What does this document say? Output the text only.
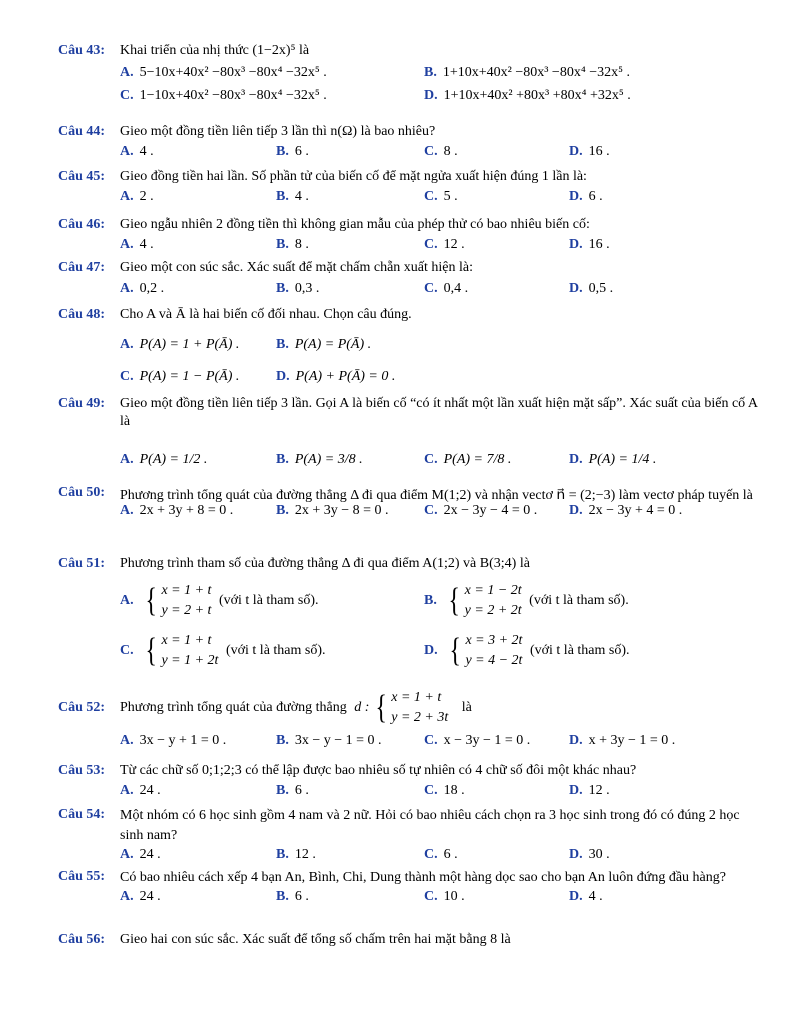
Câu 43:	Khai triển của nhị thức (1−2x)⁵ là
A. 5−10x+40x² −80x³ −80x⁴ −32x⁵ .	B. 1+10x+40x² −80x³ −80x⁴ −32x⁵ .
C. 1−10x+40x² −80x³ −80x⁴ −32x⁵ .	D. 1+10x+40x² +80x³ +80x⁴ +32x⁵ .
Câu 44:	Gieo một đồng tiền liên tiếp 3 lần thì n(Ω) là bao nhiêu?
A. 4 .	B. 6 .	C. 8 .	D. 16 .
Câu 45:	Gieo đồng tiền hai lần. Số phần tử của biến cố để mặt ngửa xuất hiện đúng 1 lần là:
A. 2 .	B. 4 .	C. 5 .	D. 6 .
Câu 46:	Gieo ngẫu nhiên 2 đồng tiền thì không gian mẫu của phép thử có bao nhiêu biến cố:
A. 4 .	B. 8 .	C. 12 .	D. 16 .
Câu 47:	Gieo một con súc sắc. Xác suất để mặt chấm chẵn xuất hiện là:
A. 0,2 .	B. 0,3 .	C. 0,4 .	D. 0,5 .
Câu 48:	Cho A và Ā là hai biến cố đối nhau. Chọn câu đúng.
A. P(A) = 1 + P(Ā) .	B. P(A) = P(Ā) .
C. P(A) = 1 − P(Ā) .	D. P(A) + P(Ā) = 0 .
Câu 49:	Gieo một đồng tiền liên tiếp 3 lần. Gọi A là biến cố “có ít nhất một lần xuất hiện mặt sấp”. Xác suất của biến cố A là
A. P(A) = 1/2 .	B. P(A) = 3/8 .	C. P(A) = 7/8 .	D. P(A) = 1/4 .
Câu 50:	Phương trình tổng quát của đường thẳng Δ đi qua điểm M(1;2) và nhận vectơ n⃗ = (2;−3) làm vectơ pháp tuyến là
A. 2x + 3y + 8 = 0 .	B. 2x + 3y − 8 = 0 .	C. 2x − 3y − 4 = 0 . D. 2x − 3y + 4 = 0 .
Câu 51:	Phương trình tham số của đường thẳng Δ đi qua điểm A(1;2) và B(3;4) là
A. { x = 1 + t
y = 2 + t
(với t là tham số).	B. { x = 1 − 2t
y = 2 + 2t
(với t là tham số).
C. { x = 1 + t
y = 1 + 2t
(với t là tham số).	D. { x = 3 + 2t
y = 4 − 2t
(với t là tham số).
Câu 52:	Phương trình tổng quát của đường thẳng d : { x = 1 + t
y = 2 + 3t
là
A. 3x − y + 1 = 0 .	B. 3x − y − 1 = 0 .	C. x − 3y − 1 = 0 .	D. x + 3y − 1 = 0 .
Câu 53:	Từ các chữ số 0;1;2;3 có thể lập được bao nhiêu số tự nhiên có 4 chữ số đôi một khác nhau?
A. 24 .	B. 6 .	C. 18 .	D. 12 .
Câu 54:	Một nhóm có 6 học sinh gồm 4 nam và 2 nữ. Hỏi có bao nhiêu cách chọn ra 3 học sinh trong đó có đúng 2 học sinh nam?
A. 24 .	B. 12 .	C. 6 .	D. 30 .
Câu 55:	Có bao nhiêu cách xếp 4 bạn An, Bình, Chi, Dung thành một hàng dọc sao cho bạn An luôn đứng đầu hàng?
A. 24 .	B. 6 .	C. 10 .	D. 4 .
Câu 56:	Gieo hai con súc sắc. Xác suất để tổng số chấm trên hai mặt bằng 8 là
